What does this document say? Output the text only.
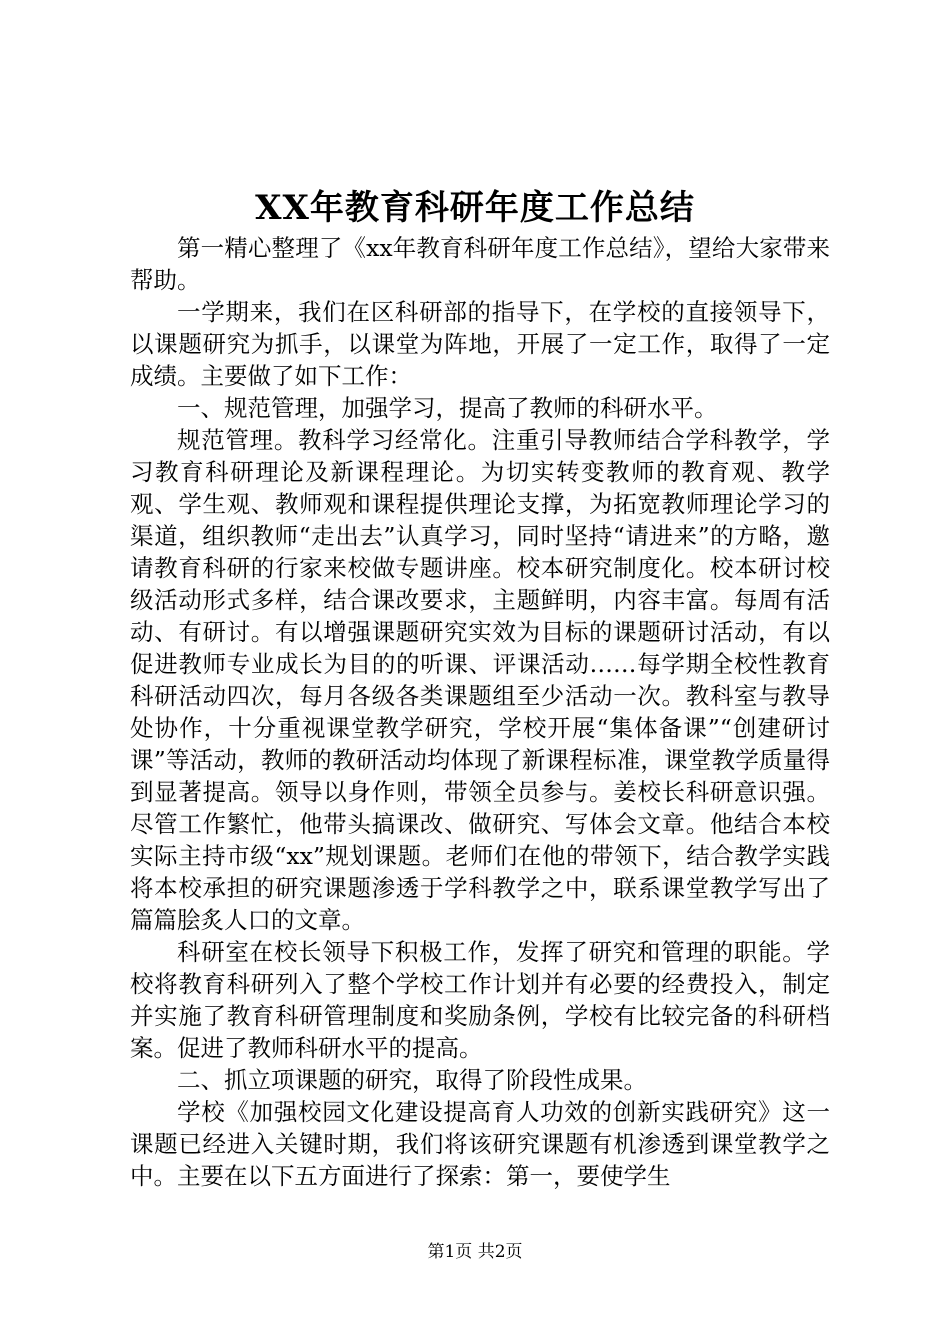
XX年教育科研年度工作总结

第一精心整理了《xx年教育科研年度工作总结》，望给大家带来帮助。

一学期来，我们在区科研部的指导下，在学校的直接领导下，以课题研究为抓手，以课堂为阵地，开展了一定工作，取得了一定成绩。主要做了如下工作：

一、规范管理，加强学习，提高了教师的科研水平。

规范管理。教科学习经常化。注重引导教师结合学科教学，学习教育科研理论及新课程理论。为切实转变教师的教育观、教学观、学生观、教师观和课程提供理论支撑，为拓宽教师理论学习的渠道，组织教师“走出去”认真学习，同时坚持“请进来”的方略，邀请教育科研的行家来校做专题讲座。校本研究制度化。校本研讨校级活动形式多样，结合课改要求，主题鲜明，内容丰富。每周有活动、有研讨。有以增强课题研究实效为目标的课题研讨活动，有以促进教师专业成长为目的的听课、评课活动……每学期全校性教育科研活动四次，每月各级各类课题组至少活动一次。教科室与教导处协作，十分重视课堂教学研究，学校开展“集体备课”“创建研讨课”等活动，教师的教研活动均体现了新课程标准，课堂教学质量得到显著提高。领导以身作则，带领全员参与。姜校长科研意识强。尽管工作繁忙，他带头搞课改、做研究、写体会文章。他结合本校实际主持市级“xx”规划课题。老师们在他的带领下，结合教学实践将本校承担的研究课题渗透于学科教学之中，联系课堂教学写出了篇篇脍炙人口的文章。

科研室在校长领导下积极工作，发挥了研究和管理的职能。学校将教育科研列入了整个学校工作计划并有必要的经费投入，制定并实施了教育科研管理制度和奖励条例，学校有比较完备的科研档案。促进了教师科研水平的提高。

二、抓立项课题的研究，取得了阶段性成果。

学校《加强校园文化建设提高育人功效的创新实践研究》这一课题已经进入关键时期，我们将该研究课题有机渗透到课堂教学之中。主要在以下五方面进行了探索：第一，要使学生

第1页 共2页
